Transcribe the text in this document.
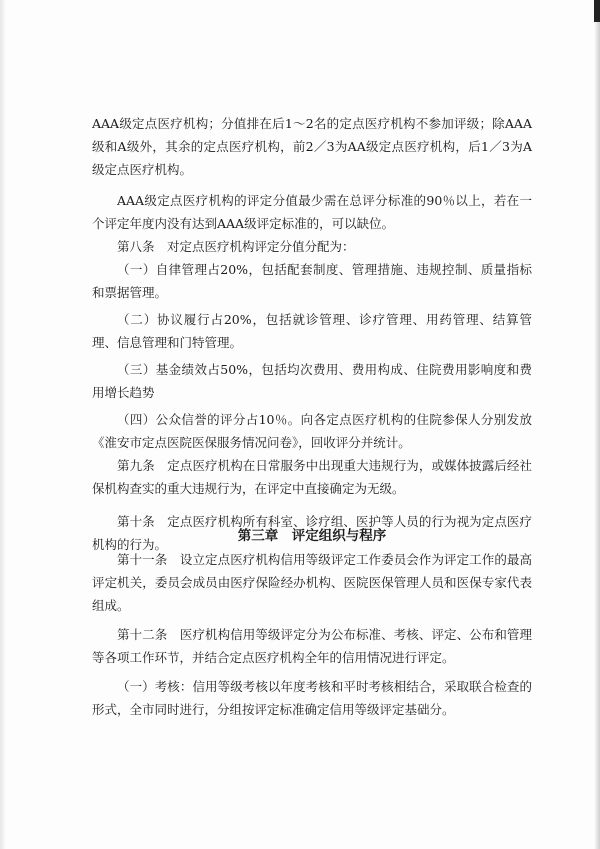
AAA级定点医疗机构；分值排在后1～2名的定点医疗机构不参加评级；除AAA级和A级外，其余的定点医疗机构，前2／3为AA级定点医疗机构，后1／3为A级定点医疗机构。

AAA级定点医疗机构的评定分值最少需在总评分标准的90％以上，若在一个评定年度内没有达到AAA级评定标准的，可以缺位。

第八条　对定点医疗机构评定分值分配为：

（一）自律管理占20%，包括配套制度、管理措施、违规控制、质量指标和票据管理。

（二）协议履行占20%，包括就诊管理、诊疗管理、用药管理、结算管理、信息管理和门特管理。

（三）基金绩效占50%，包括均次费用、费用构成、住院费用影响度和费用增长趋势

（四）公众信誉的评分占10％。向各定点医疗机构的住院参保人分别发放《淮安市定点医院医保服务情况问卷》，回收评分并统计。

第九条　定点医疗机构在日常服务中出现重大违规行为，或媒体披露后经社保机构查实的重大违规行为，在评定中直接确定为无级。

第十条　定点医疗机构所有科室、诊疗组、医护等人员的行为视为定点医疗机构的行为。

第三章　评定组织与程序

第十一条　设立定点医疗机构信用等级评定工作委员会作为评定工作的最高评定机关，委员会成员由医疗保险经办机构、医院医保管理人员和医保专家代表组成。

第十二条　医疗机构信用等级评定分为公布标准、考核、评定、公布和管理等各项工作环节，并结合定点医疗机构全年的信用情况进行评定。

（一）考核：信用等级考核以年度考核和平时考核相结合，采取联合检查的形式，全市同时进行，分组按评定标准确定信用等级评定基础分。
